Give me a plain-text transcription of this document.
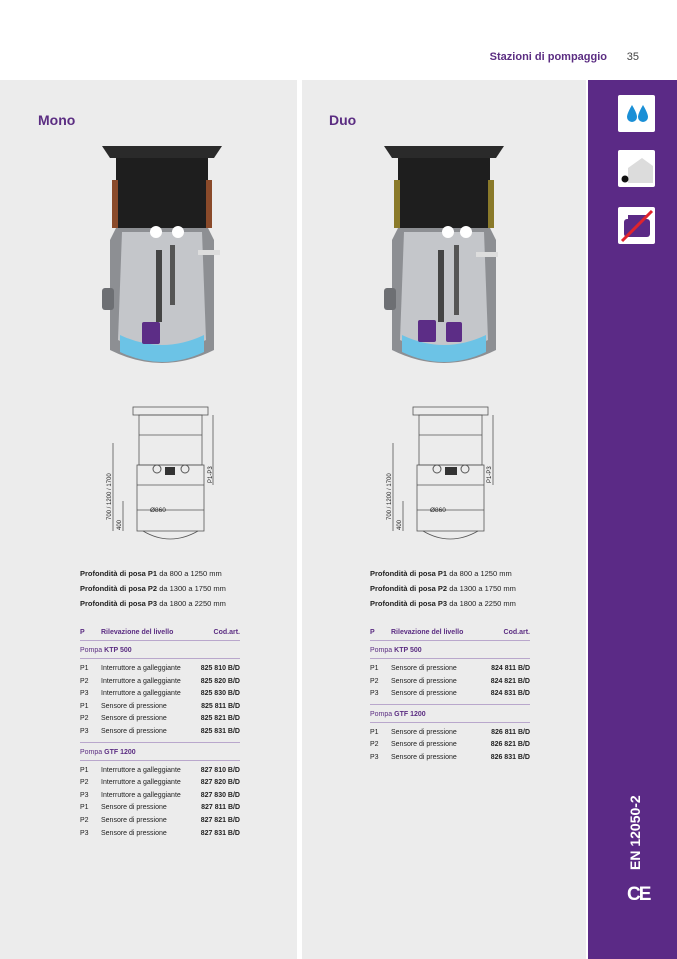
Stazioni di pompaggio 35
EN 12050-2
CE
Mono
700 / 1200 / 1700
400
Ø860
P1-P3
Profondità di posa P1 da 800 a 1250 mm
Profondità di posa P2 da 1300 a 1750 mm
Profondità di posa P3 da 1800 a 2250 mm
P	Rilevazione del livello	Cod.art.
Pompa KTP 500
P1	Interruttore a galleggiante	825 810 B/D
P2	Interruttore a galleggiante	825 820 B/D
P3	Interruttore a galleggiante	825 830 B/D
P1	Sensore di pressione	825 811 B/D
P2	Sensore di pressione	825 821 B/D
P3	Sensore di pressione	825 831 B/D
Pompa GTF 1200
P1	Interruttore a galleggiante	827 810 B/D
P2	Interruttore a galleggiante	827 820 B/D
P3	Interruttore a galleggiante	827 830 B/D
P1	Sensore di pressione	827 811 B/D
P2	Sensore di pressione	827 821 B/D
P3	Sensore di pressione	827 831 B/D
Duo
700 / 1200 / 1700
400
Ø860
P1-P3
Profondità di posa P1 da 800 a 1250 mm
Profondità di posa P2 da 1300 a 1750 mm
Profondità di posa P3 da 1800 a 2250 mm
P	Rilevazione del livello	Cod.art.
Pompa KTP 500
P1	Sensore di pressione	824 811 B/D
P2	Sensore di pressione	824 821 B/D
P3	Sensore di pressione	824 831 B/D
Pompa GTF 1200
P1	Sensore di pressione	826 811 B/D
P2	Sensore di pressione	826 821 B/D
P3	Sensore di pressione	826 831 B/D
